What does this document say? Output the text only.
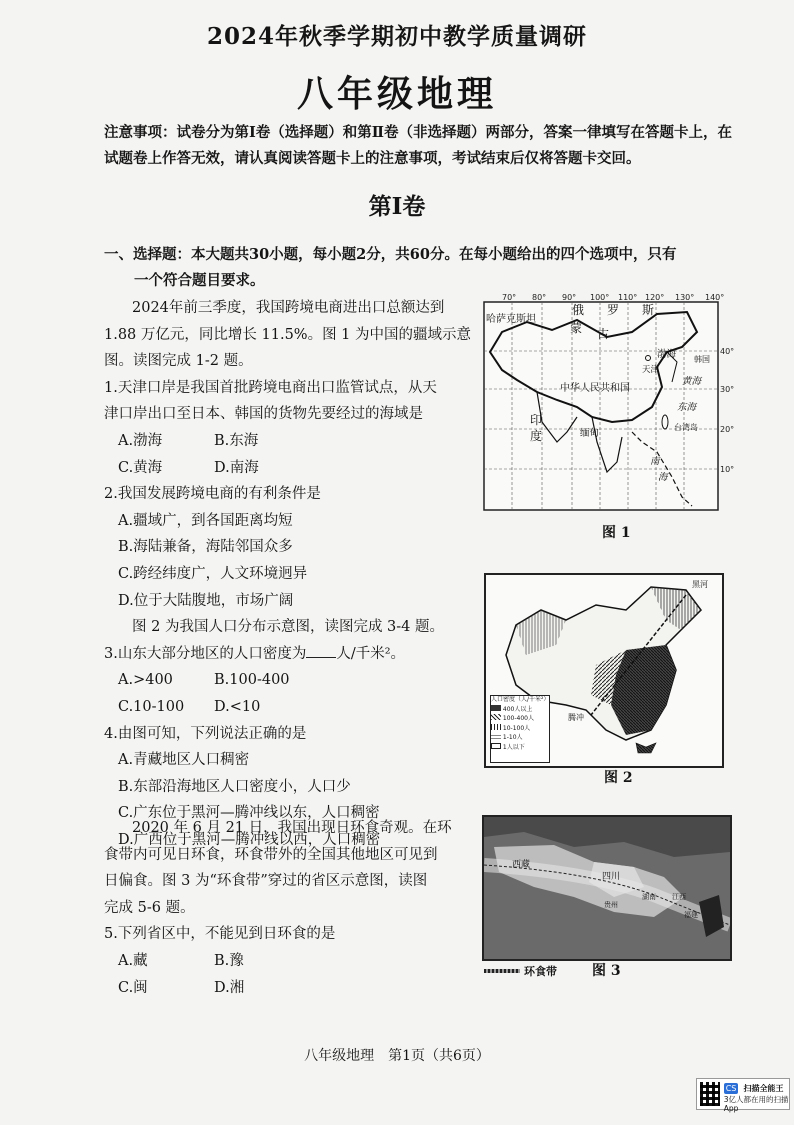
2024年秋季学期初中教学质量调研
八年级地理
注意事项：试卷分为第Ⅰ卷（选择题）和第Ⅱ卷（非选择题）两部分，答案一律填写在答题卡上，在试题卷上作答无效，请认真阅读答题卡上的注意事项，考试结束后仅将答题卡交回。
第Ⅰ卷
一、选择题：本大题共30小题，每小题2分，共60分。在每小题给出的四个选项中，只有
一个符合题目要求。
2024年前三季度，我国跨境电商进出口总额达到
1.88 万亿元，同比增长 11.5%。图 1 为中国的疆域示意
图。读图完成 1-2 题。
1.天津口岸是我国首批跨境电商出口监管试点，从天
津口岸出口至日本、韩国的货物先要经过的海域是
A.渤海	B.东海
C.黄海	D.南海
2.我国发展跨境电商的有利条件是
A.疆域广，到各国距离均短
B.海陆兼备，海陆邻国众多
C.跨经纬度广，人文环境迥异
D.位于大陆腹地，市场广阔
图 2 为我国人口分布示意图，读图完成 3-4 题。
3.山东大部分地区的人口密度为 人/千米²。
A.>400	B.100-400
C.10-100	D.<10
4.由图可知，下列说法正确的是
A.青藏地区人口稠密
B.东部沿海地区人口密度小，人口少
C.广东位于黑河—腾冲线以东，人口稠密
D.广西位于黑河—腾冲线以西，人口稠密
2020 年 6 月 21 日，我国出现日环食奇观。在环
食带内可见日环食，环食带外的全国其他地区可见到
日偏食。图 3 为“环食带”穿过的省区示意图，读图
完成 5-6 题。
5.下列省区中，不能见到日环食的是
A.藏	B.豫
C.闽	D.湘
70° 80° 90° 100° 110° 120° 130° 140°
40°
30°
20°
10°
哈萨克斯坦
俄 罗 斯
蒙 古
渤海
天津
韩国
黄海
东海
中华人民共和国
印
度	缅甸
台湾岛
南
海
图 1
黑河
腾冲
人口密度（人/千米²）
400人以上
100-400人
10-100人
1-10人
1人以下
图 2
西藏
四川
贵州
湖南 江西
福建
环食带	图 3
八年级地理　第1页（共6页）
CS 扫描全能王
3亿人都在用的扫描App
